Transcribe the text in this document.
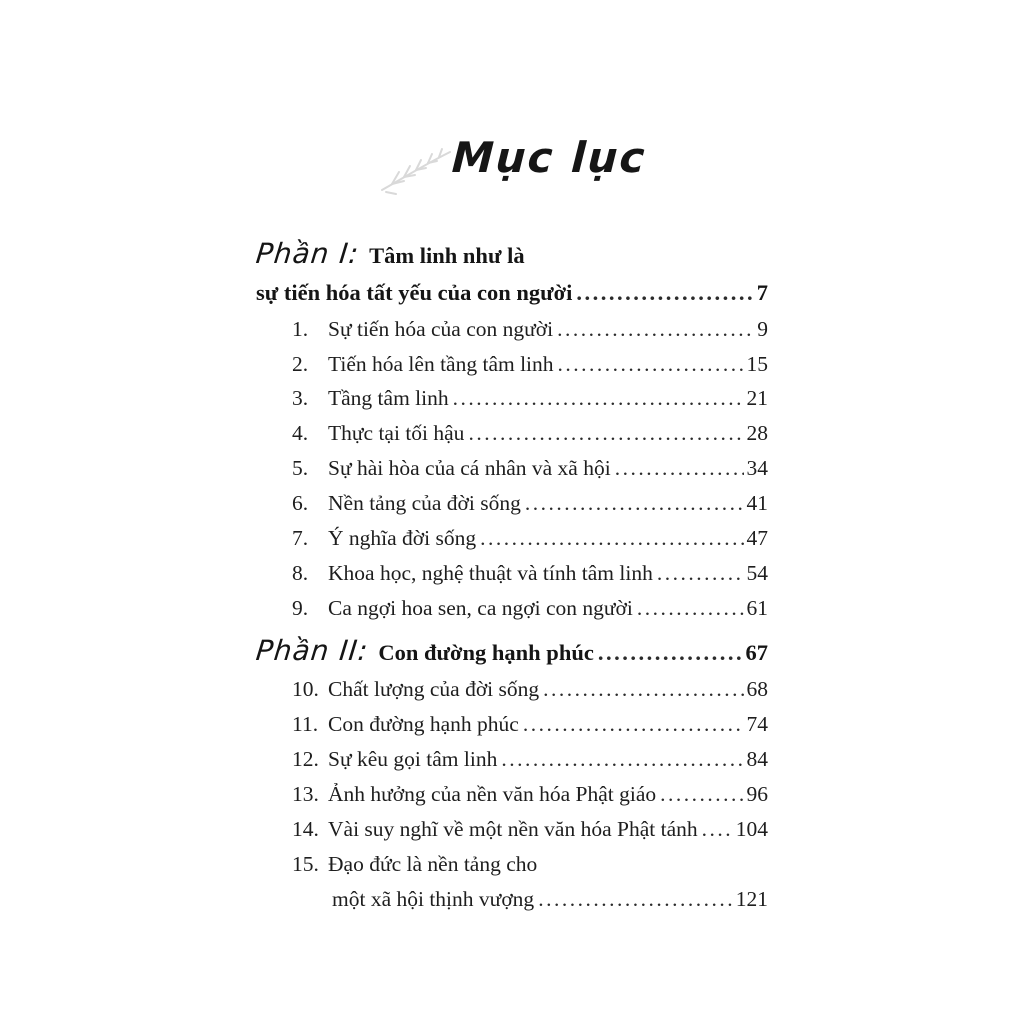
Mục lục
Phần I: Tâm linh như là
sự tiến hóa tất yếu của con người .....	7
1. Sự tiến hóa của con người .....	9
2. Tiến hóa lên tầng tâm linh .....	15
3. Tầng tâm linh .....	21
4. Thực tại tối hậu .....	28
5. Sự hài hòa của cá nhân và xã hội .....	34
6. Nền tảng của đời sống .....	41
7. Ý nghĩa đời sống .....	47
8. Khoa học, nghệ thuật và tính tâm linh .....	54
9. Ca ngợi hoa sen, ca ngợi con người .....	61
Phần II: Con đường hạnh phúc .....	67
10. Chất lượng của đời sống .....	68
11. Con đường hạnh phúc .....	74
12. Sự kêu gọi tâm linh .....	84
13. Ảnh hưởng của nền văn hóa Phật giáo .....	96
14. Vài suy nghĩ về một nền văn hóa Phật tánh ..... 104
15. Đạo đức là nền tảng cho
một xã hội thịnh vượng .....	121
